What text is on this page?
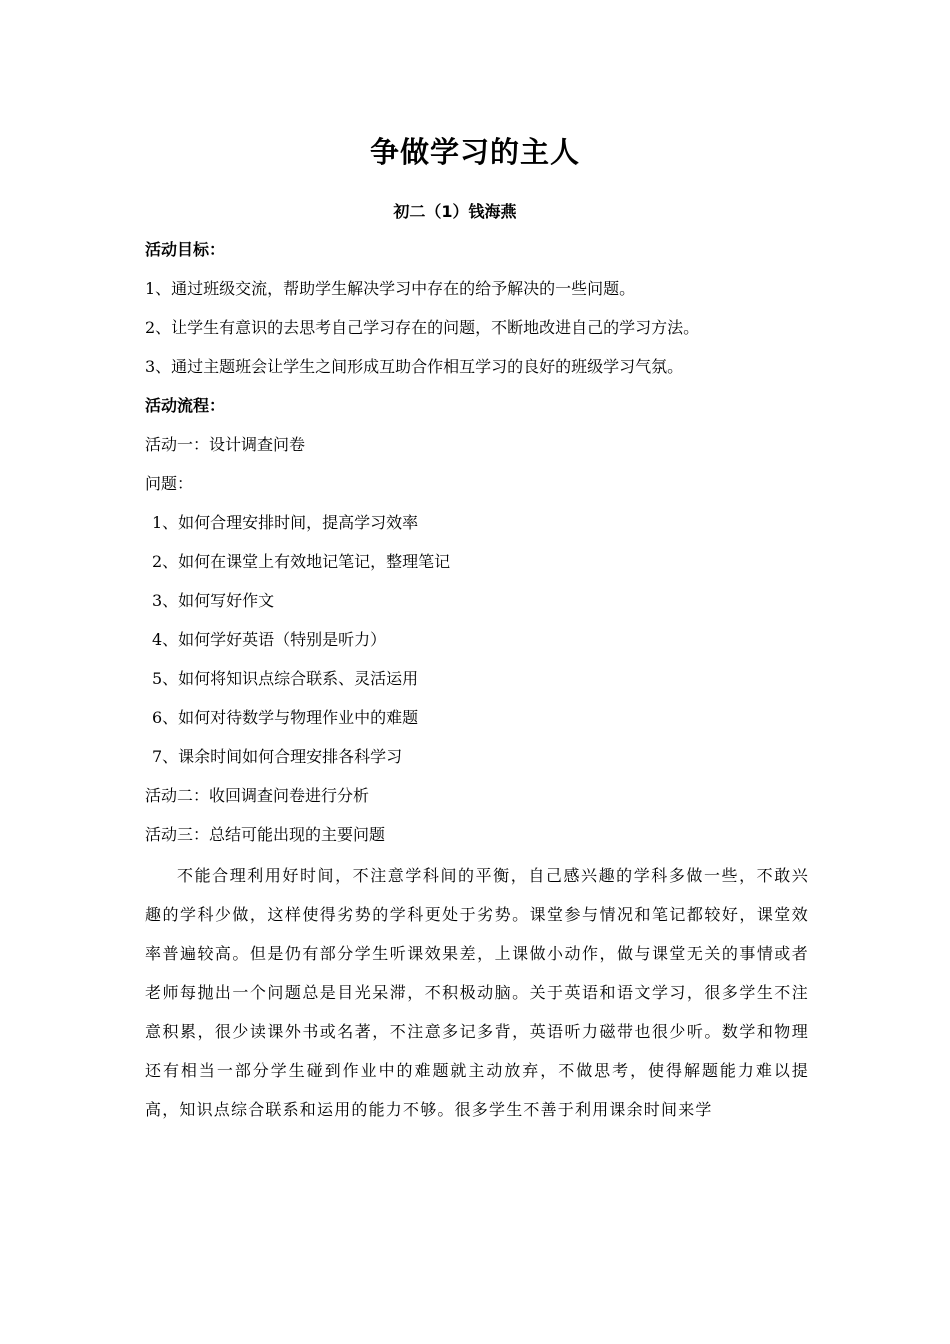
争做学习的主人
初二（1）钱海燕
活动目标：
1、通过班级交流，帮助学生解决学习中存在的给予解决的一些问题。
2、让学生有意识的去思考自己学习存在的问题，不断地改进自己的学习方法。
3、通过主题班会让学生之间形成互助合作相互学习的良好的班级学习气氛。
活动流程：
活动一：设计调查问卷
问题：
1、如何合理安排时间，提高学习效率
2、如何在课堂上有效地记笔记，整理笔记
3、如何写好作文
4、如何学好英语（特别是听力）
5、如何将知识点综合联系、灵活运用
6、如何对待数学与物理作业中的难题
7、课余时间如何合理安排各科学习
活动二：收回调查问卷进行分析
活动三：总结可能出现的主要问题
不能合理利用好时间，不注意学科间的平衡，自己感兴趣的学科多做一些，不敢兴趣的学科少做，这样使得劣势的学科更处于劣势。课堂参与情况和笔记都较好，课堂效率普遍较高。但是仍有部分学生听课效果差，上课做小动作，做与课堂无关的事情或者老师每抛出一个问题总是目光呆滞，不积极动脑。关于英语和语文学习，很多学生不注意积累，很少读课外书或名著，不注意多记多背，英语听力磁带也很少听。数学和物理还有相当一部分学生碰到作业中的难题就主动放弃，不做思考，使得解题能力难以提高，知识点综合联系和运用的能力不够。很多学生不善于利用课余时间来学
